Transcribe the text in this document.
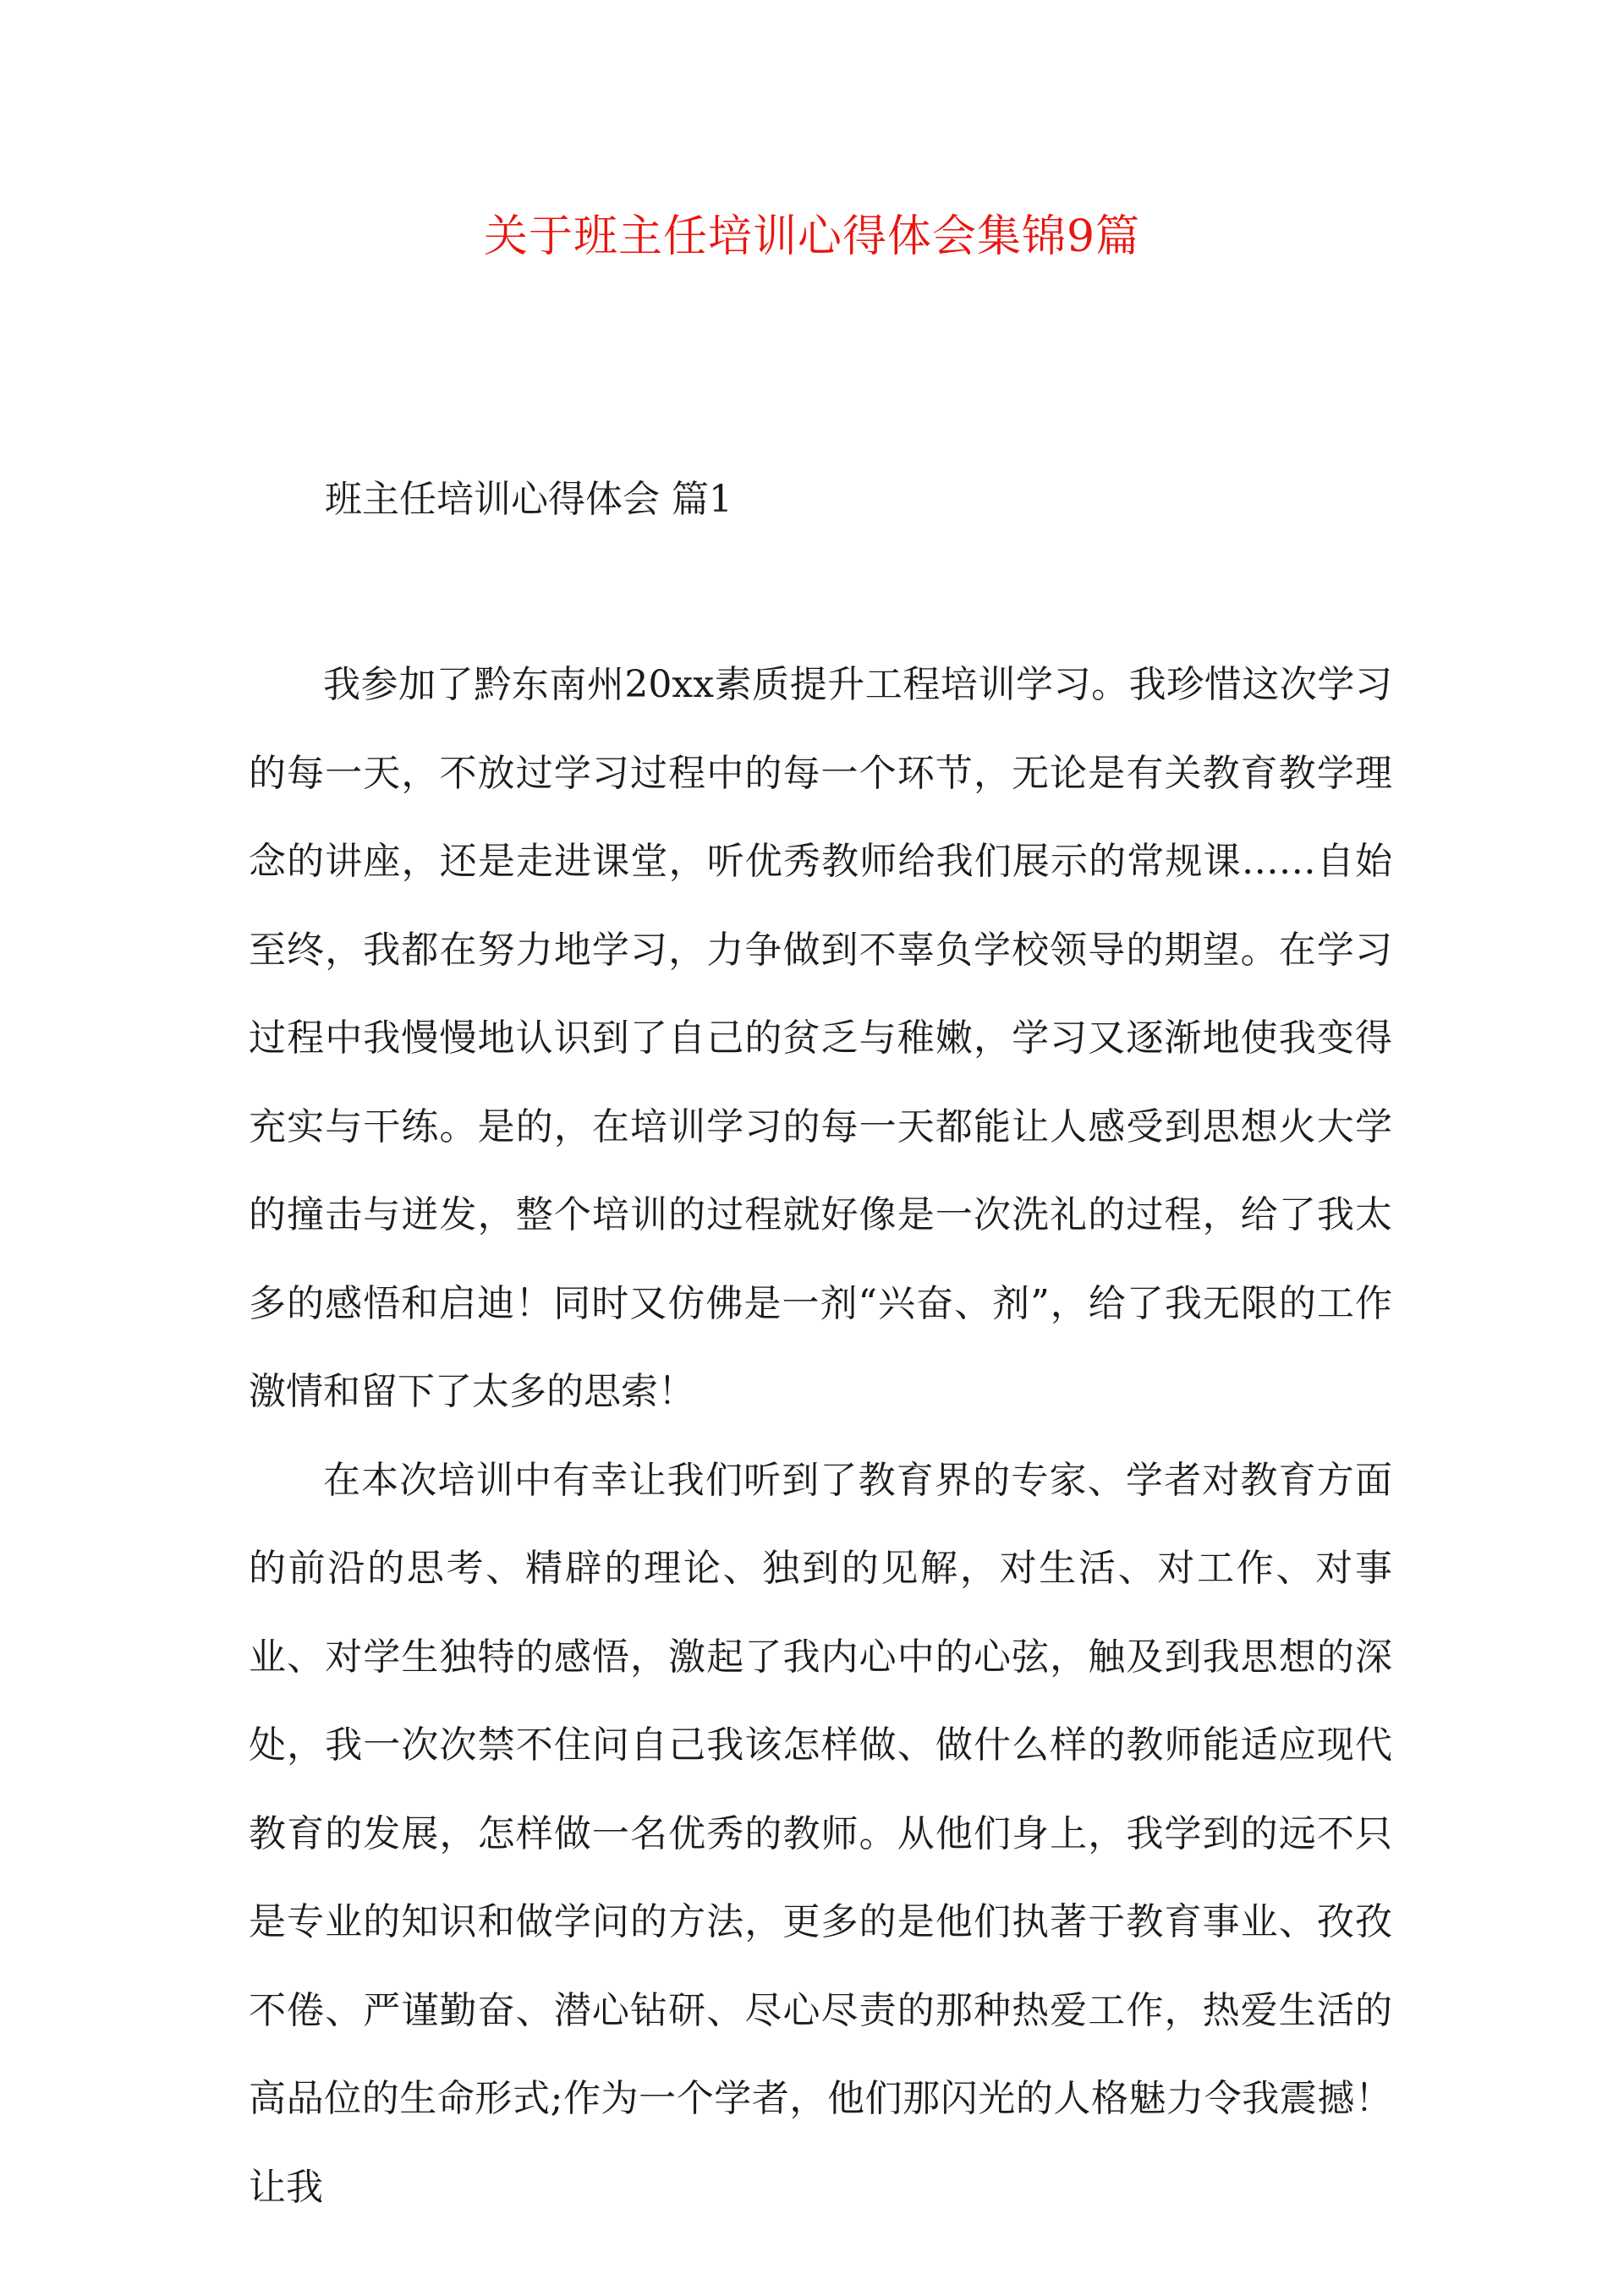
关于班主任培训心得体会集锦9篇
班主任培训心得体会 篇1

我参加了黔东南州20xx素质提升工程培训学习。我珍惜这次学习的每一天，不放过学习过程中的每一个环节，无论是有关教育教学理念的讲座，还是走进课堂，听优秀教师给我们展示的常规课……自始至终，我都在努力地学习，力争做到不辜负学校领导的期望。在学习过程中我慢慢地认识到了自己的贫乏与稚嫩，学习又逐渐地使我变得充实与干练。是的，在培训学习的每一天都能让人感受到思想火大学的撞击与迸发，整个培训的过程就好像是一次洗礼的过程，给了我太多的感悟和启迪！同时又仿佛是一剂“兴奋、剂”，给了我无限的工作激情和留下了太多的思索！

在本次培训中有幸让我们听到了教育界的专家、学者对教育方面的前沿的思考、精辟的理论、独到的见解，对生活、对工作、对事业、对学生独特的感悟，激起了我内心中的心弦，触及到我思想的深处，我一次次禁不住问自己我该怎样做、做什么样的教师能适应现代教育的发展，怎样做一名优秀的教师。从他们身上，我学到的远不只是专业的知识和做学问的方法，更多的是他们执著于教育事业、孜孜不倦、严谨勤奋、潜心钻研、尽心尽责的那种热爱工作，热爱生活的高品位的生命形式;作为一个学者，他们那闪光的人格魅力令我震撼！让我
